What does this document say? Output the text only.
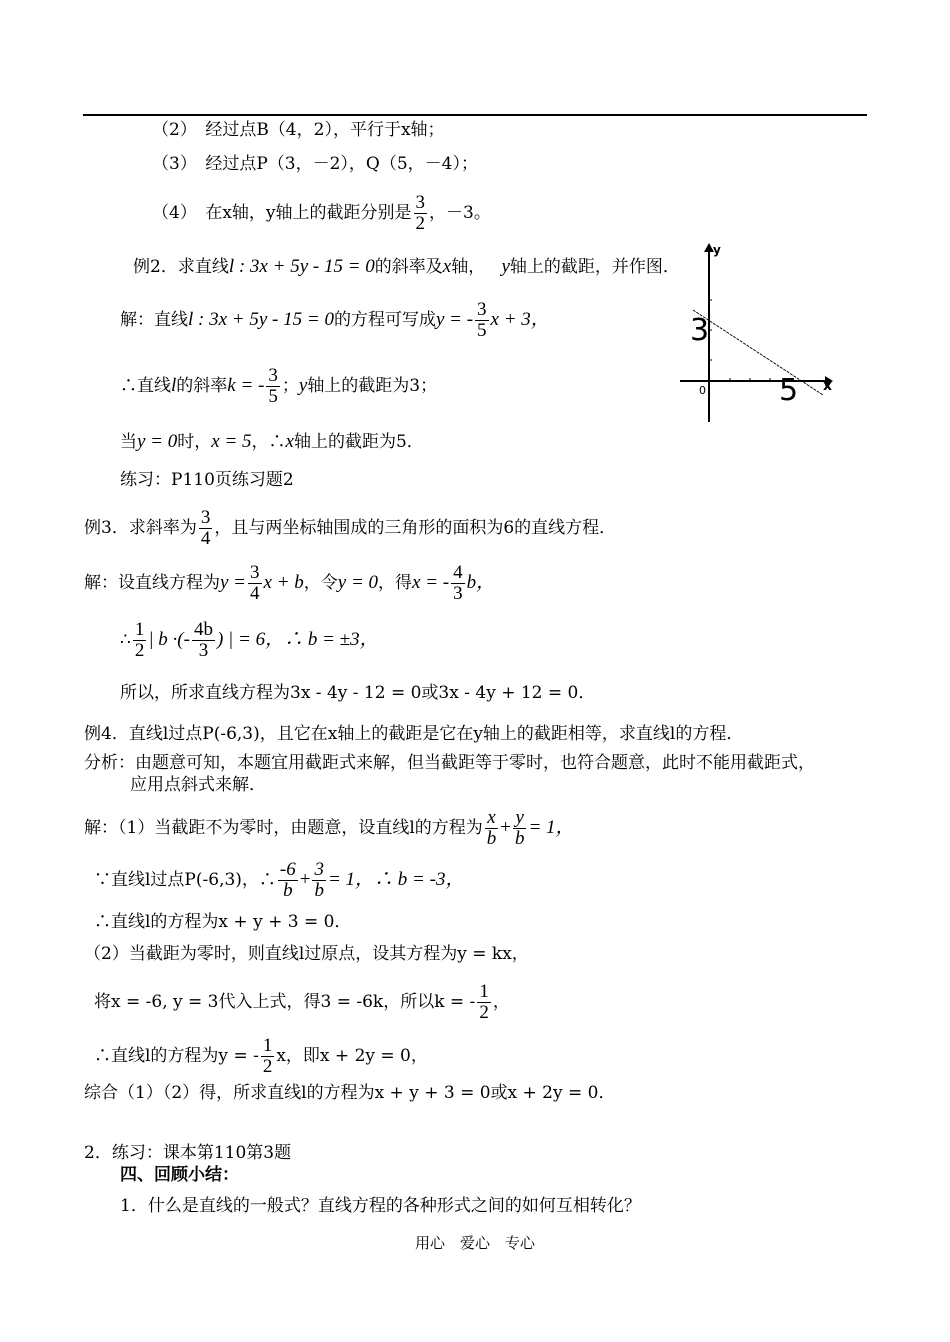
（2）　经过点B（4，2），平行于x轴；
（3）　经过点P（3，－2），Q（5，－4）；
（4）　在x轴，y轴上的截距分别是 $\frac{3}{2}$ ，－3。
例2．求直线l : 3x + 5y - 15 = 0的斜率及x轴， y轴上的截距，并作图．
解：直线l : 3x + 5y - 15 = 0的方程可写成y = - $\frac{3}{5}$ x + 3，
∴直线l的斜率k = - $\frac{3}{5}$ ；y轴上的截距为3；
当y = 0时，x = 5，∴x轴上的截距为5．
练习：P110页练习题2
例3．求斜率为 $\frac{3}{4}$ ，且与两坐标轴围成的三角形的面积为6的直线方程．
解：设直线方程为$y = \frac{3}{4}$ x + b，令y = 0，得x = - $\frac{4}{3}$ b，
∴ $\frac{1}{2}$ | b ·(- $\frac{4b}{3}$ ) | = 6，∴ b = ±3，
所以，所求直线方程为3x - 4y - 12 = 0或3x - 4y + 12 = 0．
例4．直线l过点P(-6,3)，且它在x轴上的截距是它在y轴上的截距相等，求直线l的方程．
分析：由题意可知，本题宜用截距式来解，但当截距等于零时，也符合题意，此时不能用截距式，
应用点斜式来解．
解：（1）当截距不为零时，由题意，设直线l的方程为 $\frac{x}{b} + \frac{y}{b} = 1$，
∵直线l过点P(-6,3)，∴ $\frac{-6}{b} + \frac{3}{b} = 1$，∴ b = -3，
∴直线l的方程为x + y + 3 = 0．
（2）当截距为零时，则直线l过原点，设其方程为y = kx，
将x = -6, y = 3代入上式，得3 = -6k，所以k = - $\frac{1}{2}$ ，
∴直线l的方程为y = - $\frac{1}{2}$ x，即x + 2y = 0，
综合（1）（2）得，所求直线l的方程为x + y + 3 = 0或x + 2y = 0．
2．练习：课本第110第3题
四、回顾小结：
1．什么是直线的一般式？直线方程的各种形式之间的如何互相转化？
用心　爱心　专心
x
y
0
3
5
